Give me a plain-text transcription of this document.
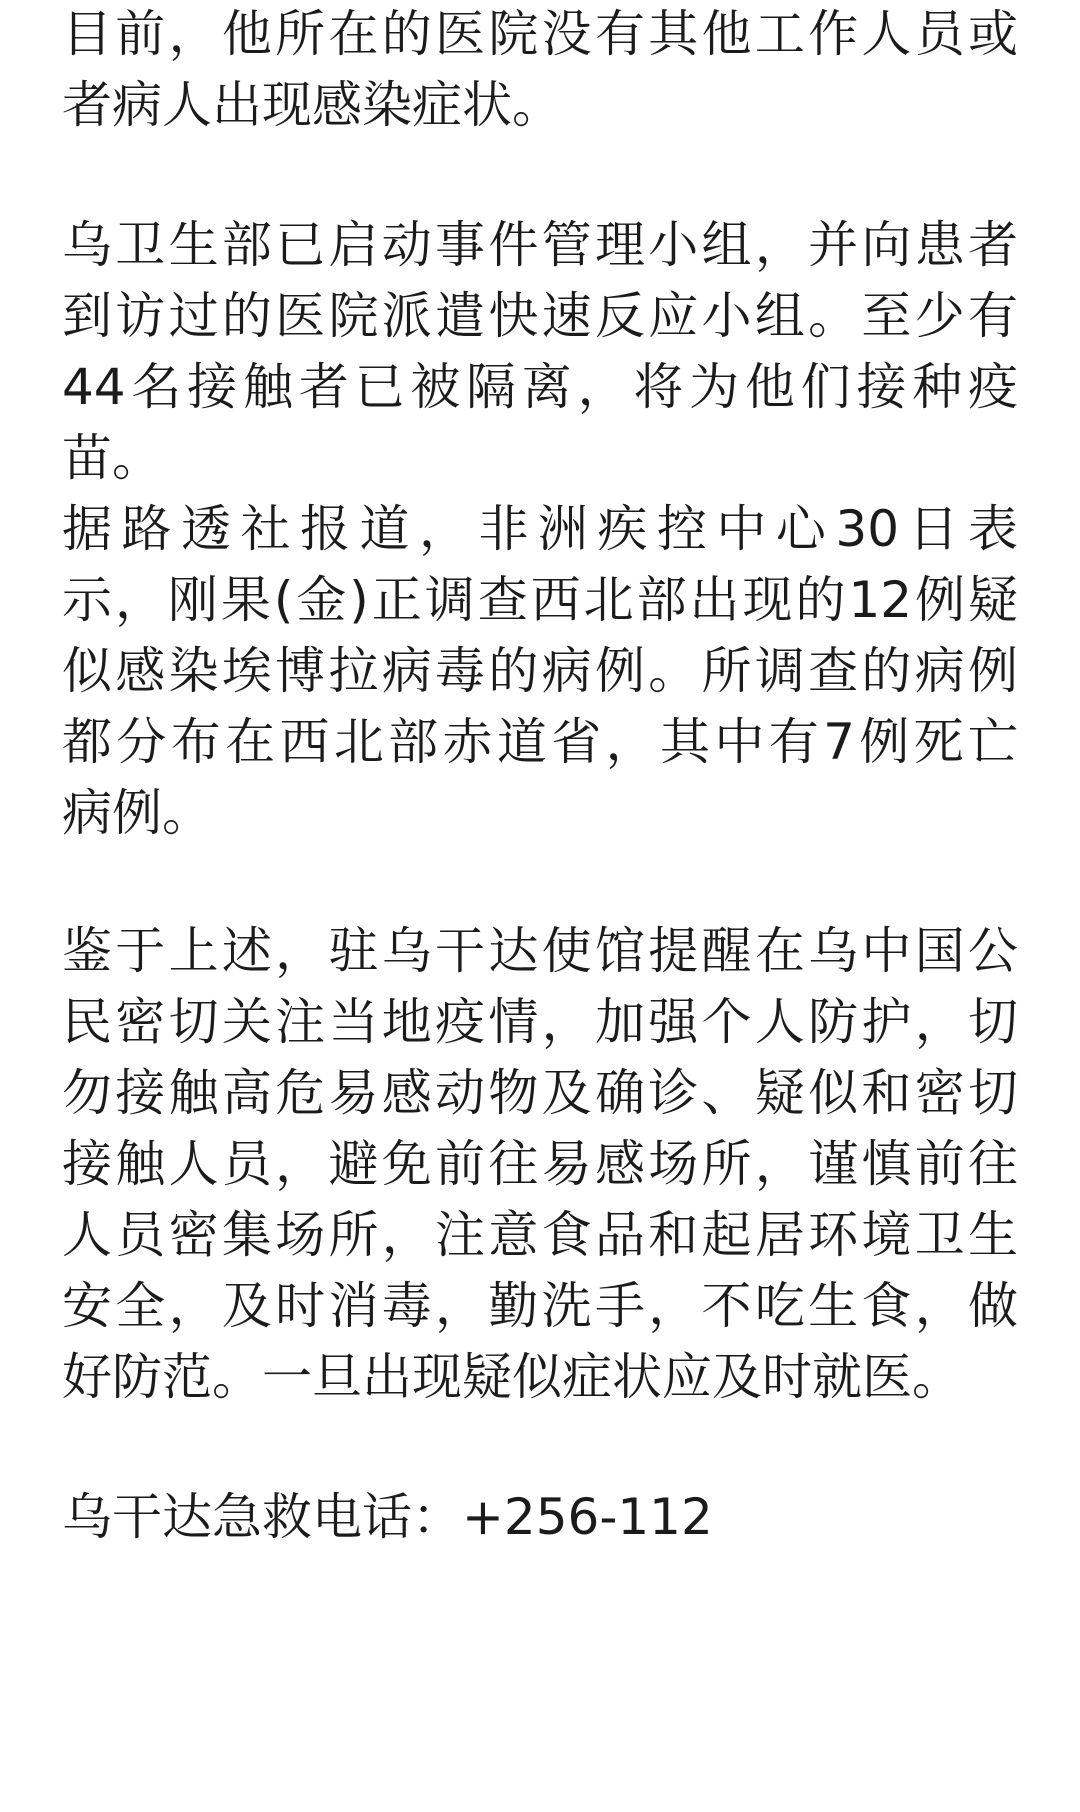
目前，他所在的医院没有其他工作人员或
者病人出现感染症状。
乌卫生部已启动事件管理小组，并向患者
到访过的医院派遣快速反应小组。至少有
44名接触者已被隔离，将为他们接种疫
苗。
据路透社报道，非洲疾控中心30日表
示，刚果(金)正调查西北部出现的12例疑
似感染埃博拉病毒的病例。所调查的病例
都分布在西北部赤道省，其中有7例死亡
病例。
鉴于上述，驻乌干达使馆提醒在乌中国公
民密切关注当地疫情，加强个人防护，切
勿接触高危易感动物及确诊、疑似和密切
接触人员，避免前往易感场所，谨慎前往
人员密集场所，注意食品和起居环境卫生
安全，及时消毒，勤洗手，不吃生食，做
好防范。一旦出现疑似症状应及时就医。
乌干达急救电话：+256-112
